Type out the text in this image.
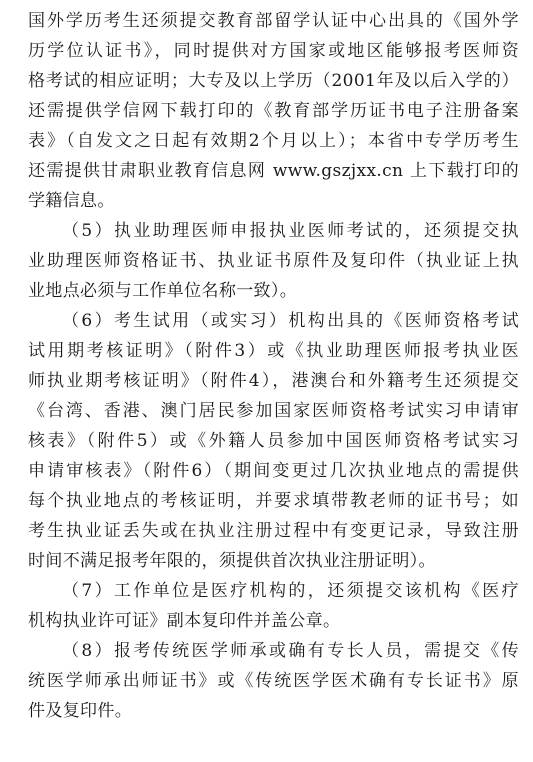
国外学历考生还须提交教育部留学认证中心出具的《国外学
历学位认证书》，同时提供对方国家或地区能够报考医师资
格考试的相应证明；大专及以上学历（2001年及以后入学的）
还需提供学信网下载打印的《教育部学历证书电子注册备案
表》（自发文之日起有效期2个月以上）；本省中专学历考生
还需提供甘肃职业教育信息网 www.gszjxx.cn 上下载打印的
学籍信息。
（5）执业助理医师申报执业医师考试的，还须提交执
业助理医师资格证书、执业证书原件及复印件（执业证上执
业地点必须与工作单位名称一致）。
（6）考生试用（或实习）机构出具的《医师资格考试
试用期考核证明》（附件3）或《执业助理医师报考执业医
师执业期考核证明》（附件4），港澳台和外籍考生还须提交
《台湾、香港、澳门居民参加国家医师资格考试实习申请审
核表》（附件5）或《外籍人员参加中国医师资格考试实习
申请审核表》（附件6）（期间变更过几次执业地点的需提供
每个执业地点的考核证明，并要求填带教老师的证书号；如
考生执业证丢失或在执业注册过程中有变更记录，导致注册
时间不满足报考年限的，须提供首次执业注册证明）。
（7）工作单位是医疗机构的，还须提交该机构《医疗
机构执业许可证》副本复印件并盖公章。
（8）报考传统医学师承或确有专长人员，需提交《传
统医学师承出师证书》或《传统医学医术确有专长证书》原
件及复印件。
